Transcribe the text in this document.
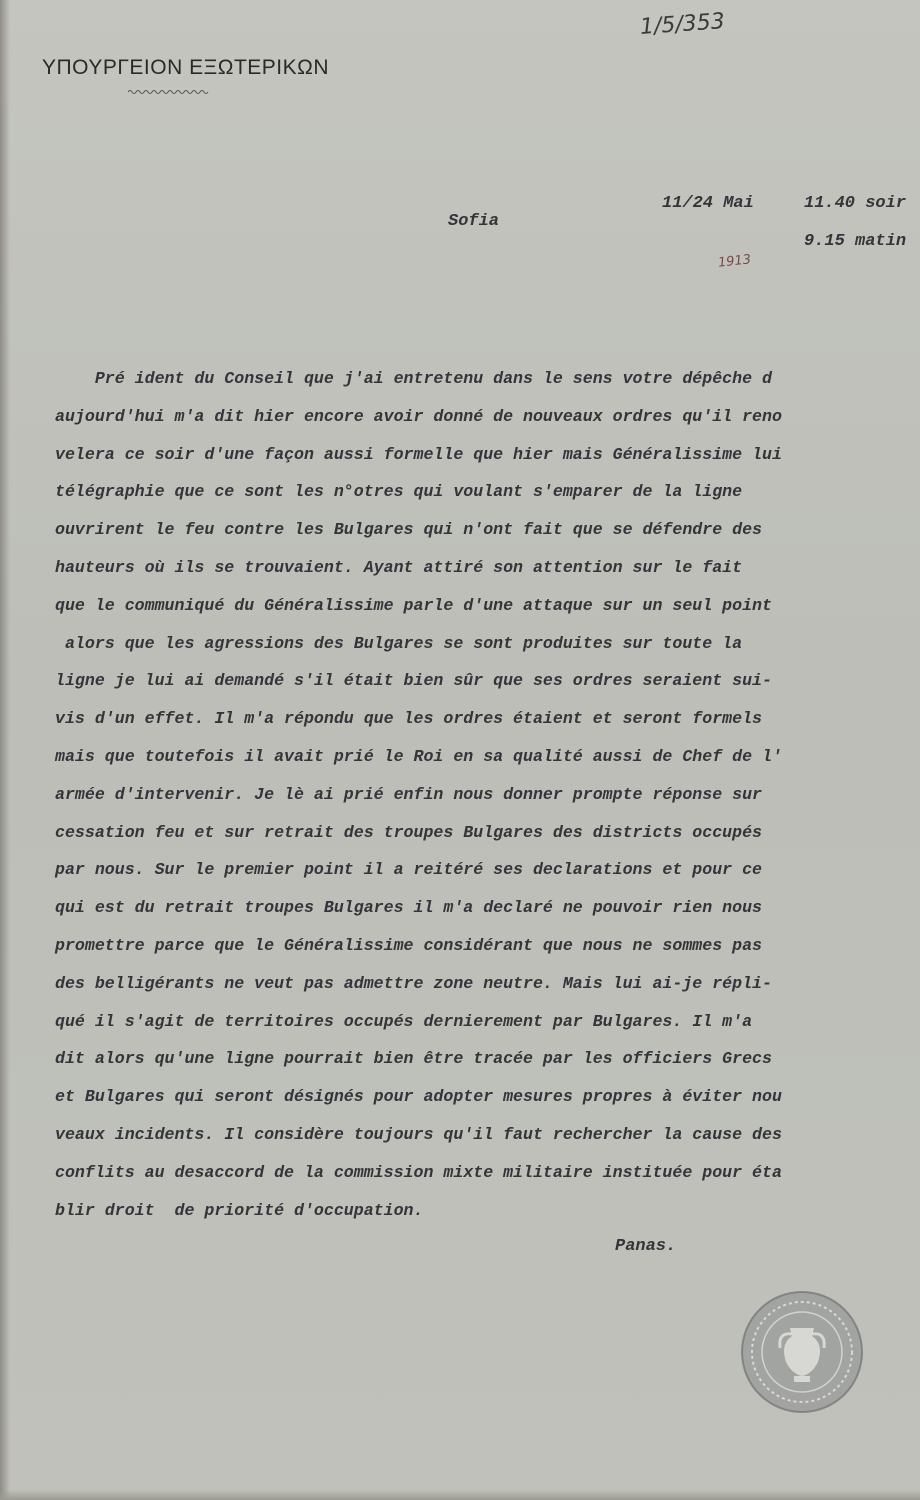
ΥΠΟΥΡΓΕΙΟΝ ΕΞΩΤΕΡΙΚΩΝ
1/5/353
1913
Sofia
11/24 Mai	11.40 soir
9.15 matin
Pré ident du Conseil que j'ai entretenu dans le sens votre dépêche d
aujourd'hui m'a dit hier encore avoir donné de nouveaux ordres qu'il reno
velera ce soir d'une façon aussi formelle que hier mais Généralissime lui
télégraphie que ce sont les n°otres qui voulant s'emparer de la ligne
ouvrirent le feu contre les Bulgares qui n'ont fait que se défendre des
hauteurs où ils se trouvaient. Ayant attiré son attention sur le fait
que le communiqué du Généralissime parle d'une attaque sur un seul point
alors que les agressions des Bulgares se sont produites sur toute la
ligne je lui ai demandé s'il était bien sûr que ses ordres seraient sui-
vis d'un effet. Il m'a répondu que les ordres étaient et seront formels
mais que toutefois il avait prié le Roi en sa qualité aussi de Chef de l'
armée d'intervenir. Je lè ai prié enfin nous donner prompte réponse sur
cessation feu et sur retrait des troupes Bulgares des districts occupés
par nous. Sur le premier point il a reitéré ses declarations et pour ce
qui est du retrait troupes Bulgares il m'a declaré ne pouvoir rien nous
promettre parce que le Généralissime considérant que nous ne sommes pas
des belligérants ne veut pas admettre zone neutre. Mais lui ai-je répli-
qué il s'agit de territoires occupés dernierement par Bulgares. Il m'a
dit alors qu'une ligne pourrait bien être tracée par les officiers Grecs
et Bulgares qui seront désignés pour adopter mesures propres à éviter nou
veaux incidents. Il considère toujours qu'il faut rechercher la cause des
conflits au desaccord de la commission mixte militaire instituée pour éta
blir droit  de priorité d'occupation.
Panas.
